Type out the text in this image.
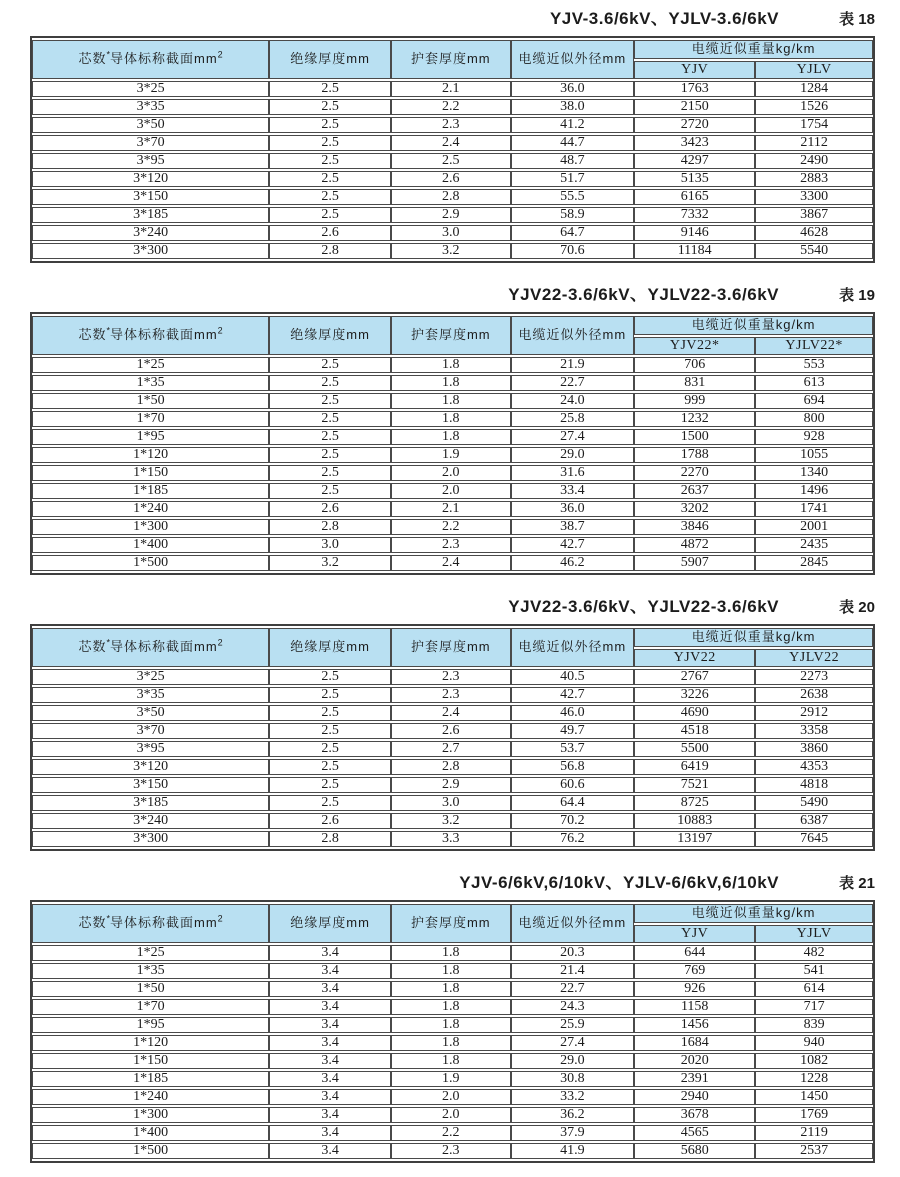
YJV-3.6/6kV、YJLV-3.6/6kV	表 18
芯数*导体标称截面$mm^2$	绝缘厚度mm	护套厚度mm	电缆近似外径mm	电缆近似重量kg/km	
				YJV	YJLV
3*25	2.5	2.1	36.0	1763	1284
3*35	2.5	2.2	38.0	2150	1526
3*50	2.5	2.3	41.2	2720	1754
3*70	2.5	2.4	44.7	3423	2112
3*95	2.5	2.5	48.7	4297	2490
3*120	2.5	2.6	51.7	5135	2883
3*150	2.5	2.8	55.5	6165	3300
3*185	2.5	2.9	58.9	7332	3867
3*240	2.6	3.0	64.7	9146	4628
3*300	2.8	3.2	70.6	11184	5540
YJV22-3.6/6kV、YJLV22-3.6/6kV	表 19
芯数*导体标称截面$mm^2$	绝缘厚度mm	护套厚度mm	电缆近似外径mm	电缆近似重量kg/km	
				YJV22*	YJLV22*
1*25	2.5	1.8	21.9	706	553
1*35	2.5	1.8	22.7	831	613
1*50	2.5	1.8	24.0	999	694
1*70	2.5	1.8	25.8	1232	800
1*95	2.5	1.8	27.4	1500	928
1*120	2.5	1.9	29.0	1788	1055
1*150	2.5	2.0	31.6	2270	1340
1*185	2.5	2.0	33.4	2637	1496
1*240	2.6	2.1	36.0	3202	1741
1*300	2.8	2.2	38.7	3846	2001
1*400	3.0	2.3	42.7	4872	2435
1*500	3.2	2.4	46.2	5907	2845
YJV22-3.6/6kV、YJLV22-3.6/6kV	表 20
芯数*导体标称截面$mm^2$	绝缘厚度mm	护套厚度mm	电缆近似外径mm	电缆近似重量kg/km	
				YJV22	YJLV22
3*25	2.5	2.3	40.5	2767	2273
3*35	2.5	2.3	42.7	3226	2638
3*50	2.5	2.4	46.0	4690	2912
3*70	2.5	2.6	49.7	4518	3358
3*95	2.5	2.7	53.7	5500	3860
3*120	2.5	2.8	56.8	6419	4353
3*150	2.5	2.9	60.6	7521	4818
3*185	2.5	3.0	64.4	8725	5490
3*240	2.6	3.2	70.2	10883	6387
3*300	2.8	3.3	76.2	13197	7645
YJV-6/6kV,6/10kV、YJLV-6/6kV,6/10kV	表 21
芯数*导体标称截面$mm^2$	绝缘厚度mm	护套厚度mm	电缆近似外径mm	电缆近似重量kg/km	
				YJV	YJLV
1*25	3.4	1.8	20.3	644	482
1*35	3.4	1.8	21.4	769	541
1*50	3.4	1.8	22.7	926	614
1*70	3.4	1.8	24.3	1158	717
1*95	3.4	1.8	25.9	1456	839
1*120	3.4	1.8	27.4	1684	940
1*150	3.4	1.8	29.0	2020	1082
1*185	3.4	1.9	30.8	2391	1228
1*240	3.4	2.0	33.2	2940	1450
1*300	3.4	2.0	36.2	3678	1769
1*400	3.4	2.2	37.9	4565	2119
1*500	3.4	2.3	41.9	5680	2537
